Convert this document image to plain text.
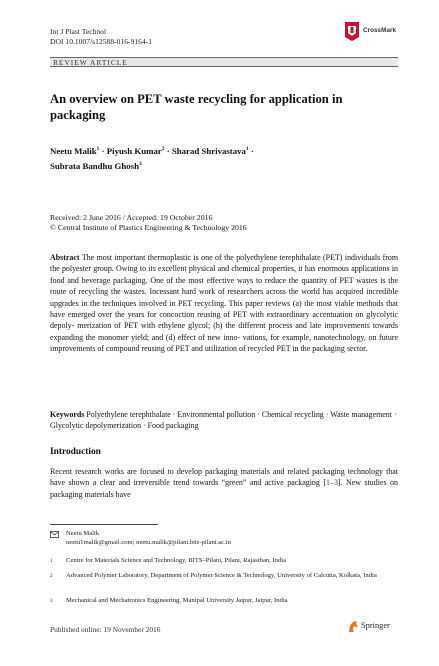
Int J Plast Technol
DOI 10.1007/s12588-016-9164-1
CrossMark
REVIEW ARTICLE
An overview on PET waste recycling for application in packaging
Neetu Malik$^1$ · Piyush Kumar$^2$ · Sharad Shrivastava$^1$ ·
Subrata Bandhu Ghosh$^3$
Received: 2 June 2016 / Accepted: 19 October 2016
© Central Institute of Plastics Engineering & Technology 2016
Abstract The most important thermoplastic is one of the polyethylene terephthalate (PET) individuals from the polyester group. Owing to its excellent physical and chemical properties, it has enormous applications in food and beverage packaging. One of the most effective ways to reduce the quantity of PET wastes is the route of recycling the wastes. Incessant hard work of researchers across the world has acquired incredible upgrades in the techniques involved in PET recycling. This paper reviews (a) the most viable methods that have emerged over the years for concoction reusing of PET with extraordinary accentuation on glycolytic depoly- merization of PET with ethylene glycol; (b) the different process and late improvements towards expanding the monomer yield; and (d) effect of new inno- vations, for example, nanotechnology, on future improvements of compound reusing of PET and utilization of recycled PET in the packaging sector.
Keywords Polyethylene terephthalate · Environmental pollution · Chemical recycling · Waste management · Glycolytic depolymerization · Food packaging
Introduction
Recent research works are focused to develop packaging materials and related packaging technology that have shown a clear and irreversible trend towards “green” and active packaging [1–3]. New studies on packaging materials have
Neetu Malik
neetu1malik@gmail.com; neetu.malik@pilani.bits-pilani.ac.in
1 Centre for Materials Science and Technology, BITS–Pilani, Pilani, Rajasthan, India
2 Advanced Polymer Laboratory, Department of Polymer Science & Technology, University of Calcutta, Kolkata, India
3 Mechanical and Mechatronics Engineering, Manipal University Jaipur, Jaipur, India
Published online: 19 November 2016	Springer
